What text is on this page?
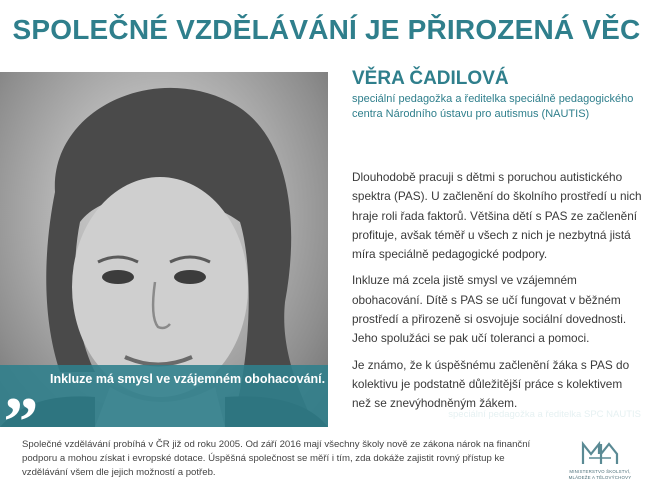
SPOLEČNÉ VZDĚLÁVÁNÍ JE PŘIROZENÁ VĚC
„ Inkluze má smysl ve vzájemném obohacování.
Věra Čadilová
speciální pedagožka a ředitelka SPC NAUTIS
VĚRA ČADILOVÁ
speciální pedagožka a ředitelka speciálně pedagogického centra Národního ústavu pro autismus (NAUTIS)

Dlouhodobě pracuji s dětmi s poruchou autistického spektra (PAS). U začlenění do školního prostředí u nich hraje roli řada faktorů. Většina dětí s PAS ze začlenění profituje, avšak téměř u všech z nich je nezbytná jistá míra speciálně pedagogické podpory.

Inkluze má zcela jistě smysl ve vzájemném obohacování. Dítě s PAS se učí fungovat v běžném prostředí a přirozeně si osvojuje sociální dovednosti. Jeho spolužáci se pak učí toleranci a pomoci.

Je známo, že k úspěšnému začlenění žáka s PAS do kolektivu je podstatně důležitější práce s kolektivem než se znevýhodněným žákem.

Společné vzdělávání probíhá v ČR již od roku 2005. Od září 2016 mají všechny školy nově ze zákona nárok na finanční podporu a mohou získat i evropské dotace. Úspěšná společnost se měří i tím, zda dokáže zajistit rovný přístup ke vzdělávání všem dle jejich možností a potřeb.	MINISTERSTVO ŠKOLSTVÍ,
MLÁDEŽE A TĚLOVÝCHOVY
